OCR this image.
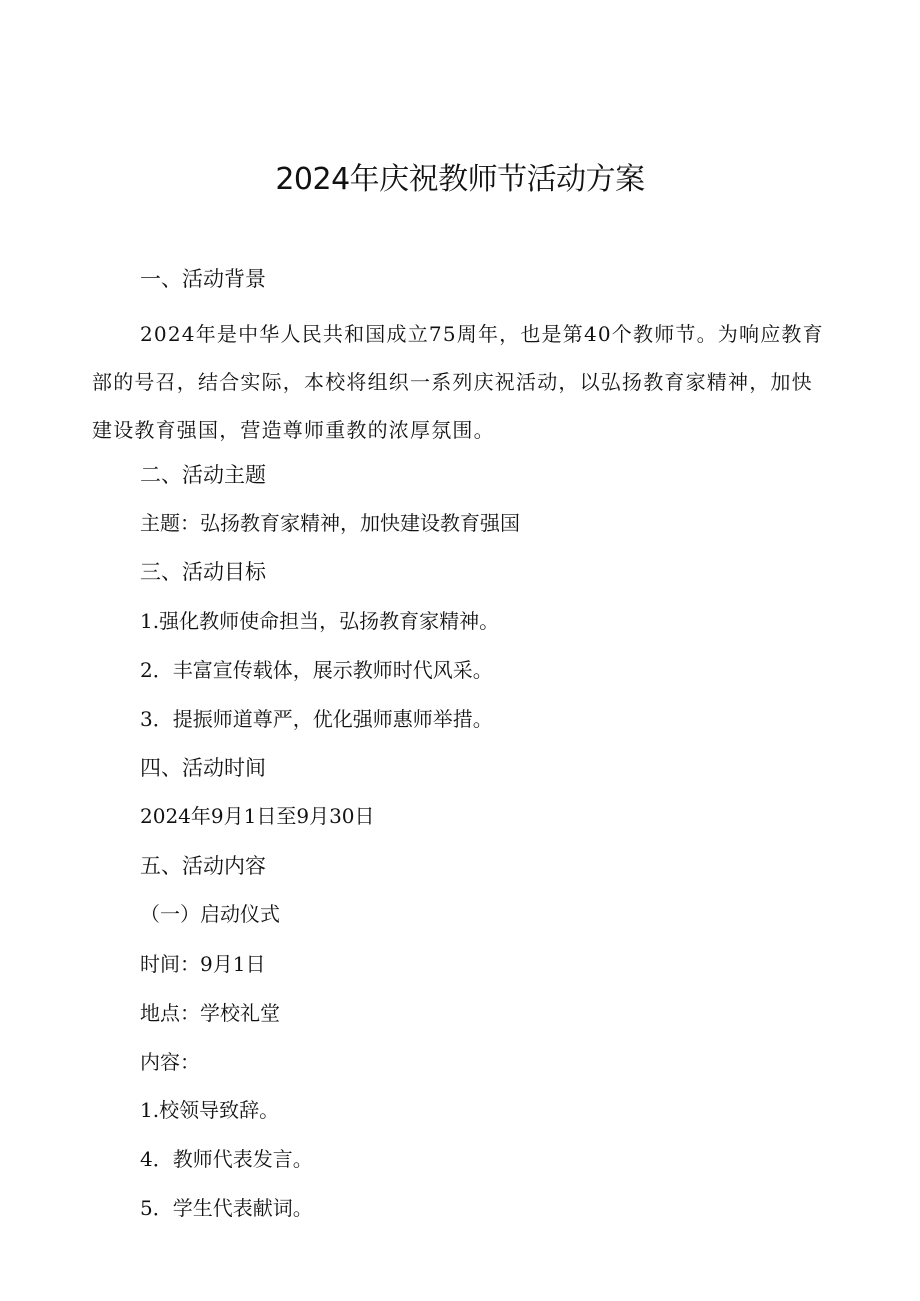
2024年庆祝教师节活动方案
一、活动背景
2024年是中华人民共和国成立75周年，也是第40个教师节。为响应教育部的号召，结合实际，本校将组织一系列庆祝活动，以弘扬教育家精神，加快建设教育强国，营造尊师重教的浓厚氛围。
二、活动主题
主题：弘扬教育家精神，加快建设教育强国
三、活动目标
1.强化教师使命担当，弘扬教育家精神。
2．丰富宣传载体，展示教师时代风采。
3．提振师道尊严，优化强师惠师举措。
四、活动时间
2024年9月1日至9月30日
五、活动内容
（一）启动仪式
时间：9月1日
地点：学校礼堂
内容：
1.校领导致辞。
4．教师代表发言。
5．学生代表献词。
